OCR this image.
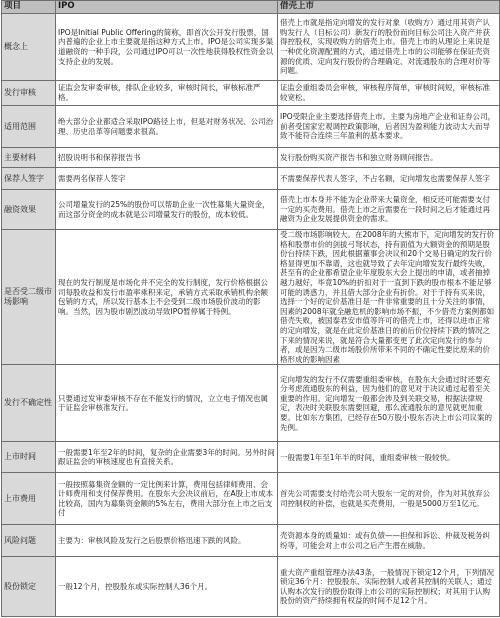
项目	IPO	借壳上市
概念上	IPO是Initial Public Offering的简称，即首次公开发行股票，国内普遍的企业上市主要就是指这种方式上市。IPO是公司实现多渠道融资的一种手段，公司通过IPO可以一次性地获得股权性资金以支持企业的发展。	借壳上市就是指定向增发的发行对象（收购方）通过用其资产认购发行人（目标公司）新发行的股份而向目标公司注入资产并获得控股权，实现收购方的借壳上市。借壳上市的从理论上来说是一种优化资源配置的方式，通过借壳上市的公司能够在保证壳资源的优质、定向发行股份的合理确定、对流通股东的合理对价等问题。
发行审核	证监会发审委审核，排队企业较多，审核时间长，审核标准严格。	证监会重组委员会审核，审核程序简单，审核时间短，审核标准较宽松。
适用范围	绝大部分企业都适合采取IPO路径上市，但是对财务状况、公司治理、历史沿革等问题要求很高。	IPO受限企业主要选择借壳上市。主要为房地产企业和证券公司，前者受国家宏观调控政策影响，后者因为盈利能力波动太大而导致不能符合连续三年盈利的基本要求。
主要材料	招股说明书和保荐报告书	发行股份购买资产报告书和独立财务顾问报告。
保荐人签字	需要两名保荐人签字	不需要保荐代表人签字，不占名额，定向增发也需要保荐人签字
融资效果	公司增量发行的25%的股份可以帮助企业一次性募集大量资金，而这部分资金的成本就是公司增量发行的股份，成本较低。	借壳上市本身并不能为企业带来大量资金，相反还可能需要支付一定的买壳费用。借壳上市之后需要在一段时间之后才能通过再融资为企业发展提供资金的需求。
是否受二级市场影响	现在的发行制度是市场化并不完全的发行制度，发行价格根据公司每股收益和发行市盈率乘积来定，承销方式采取承销机构余额包销的方式，所以发行基本上不会受到二级市场股价波动的影响。当然，因为股市剧烈波动导致IPO暂停属于特例。	受二级市场影响较大。在2008年的大熊市下，定向增发的发行价格和股票市价的剑拔弓弩状态，持有面值为大额资金的预期是股份台持续下跌，因此根据董事会决议和20个交易日确定的发行价格显得更加不靠谱，这也就导致了去年定向增发发行最终失败，甚至有的企业都希望企业年度股东大会上提出的申请，或者抽掉越力越好，毕竟10%的折扣对于一直到下跌的股市根本不能足够可能的诱惑力，并且借大部分企业有折价。对于于持有买来说，选择一个好的定价基准日是一件非常重要的且十分关注的事情，因素的2008年就全融危机的影响市场不振，不少借壳方案例都如借壳失败，被国泰君安市值等许可的借壳上市，还得以进市正常的定向增发，就是在此定价基准日的前后价位持续下跌的情况之下来的情况来说，就是符合大量都变更了此次定向发行的参与者，或是因为二级市场股价所带来不同的不确定性要比原来的价格形成的影响因素
发行不确定性	只要通过发审委审核不存在不能发行的情况，立立电子情况也属于证监会审核准发行。	定向增发的发行不仅需要重组委审核，在股东大会通过时还要充分考虑流通股东的利益，因为他们的意见对于决议通过起着至关重要的作用。定向增发一般都会涉及到关联交易，根据法律规定，表决时关联股东需要回避，那么流通股东的意见就更加重要。比如东方集团，已经存在50万股小股东否决上市公司议案的先例。
上市时间	一般需要1年至2年的时间，复杂的企业需要3年的时间。另外时间跟证监会的审核速度也有直接关系。	一般需要1年至1年半的时间，重组委审核一般较快。
上市费用	一般按照募集资金额的一定比例来计算，费用包括律师费用、会计师费用和支付保荐费用。在股东大会决议前后，在A股上市成本比较高，国内为募集资金额的5%左右，费用大部分在上市之后支付	首先公司需要支付给壳公司大股东一定的对价，作为对其放弃公司控制权的补偿，也就是买壳费用，一般是5000万至1亿元。
风险问题	主要为：审核风险及发行之后股票价格迅速下跌的风险。	壳资源本身的质量如：或有负债——担保和诉讼、仲裁及税务纠纷等，可能会对上市公司之后产生潜在威胁。
股份锁定	一般12个月，控股股东或实际控制人36个月。	重大资产重组管理办法43条，一般情况下锁定12个月，下列情况锁定36个月：控股股东、实际控制人或者其控制的关联人；通过认购本次发行的股份取得上市公司的实际控制权；对其用于认购股份的资产持续拥有权益的时间不足12个月。
